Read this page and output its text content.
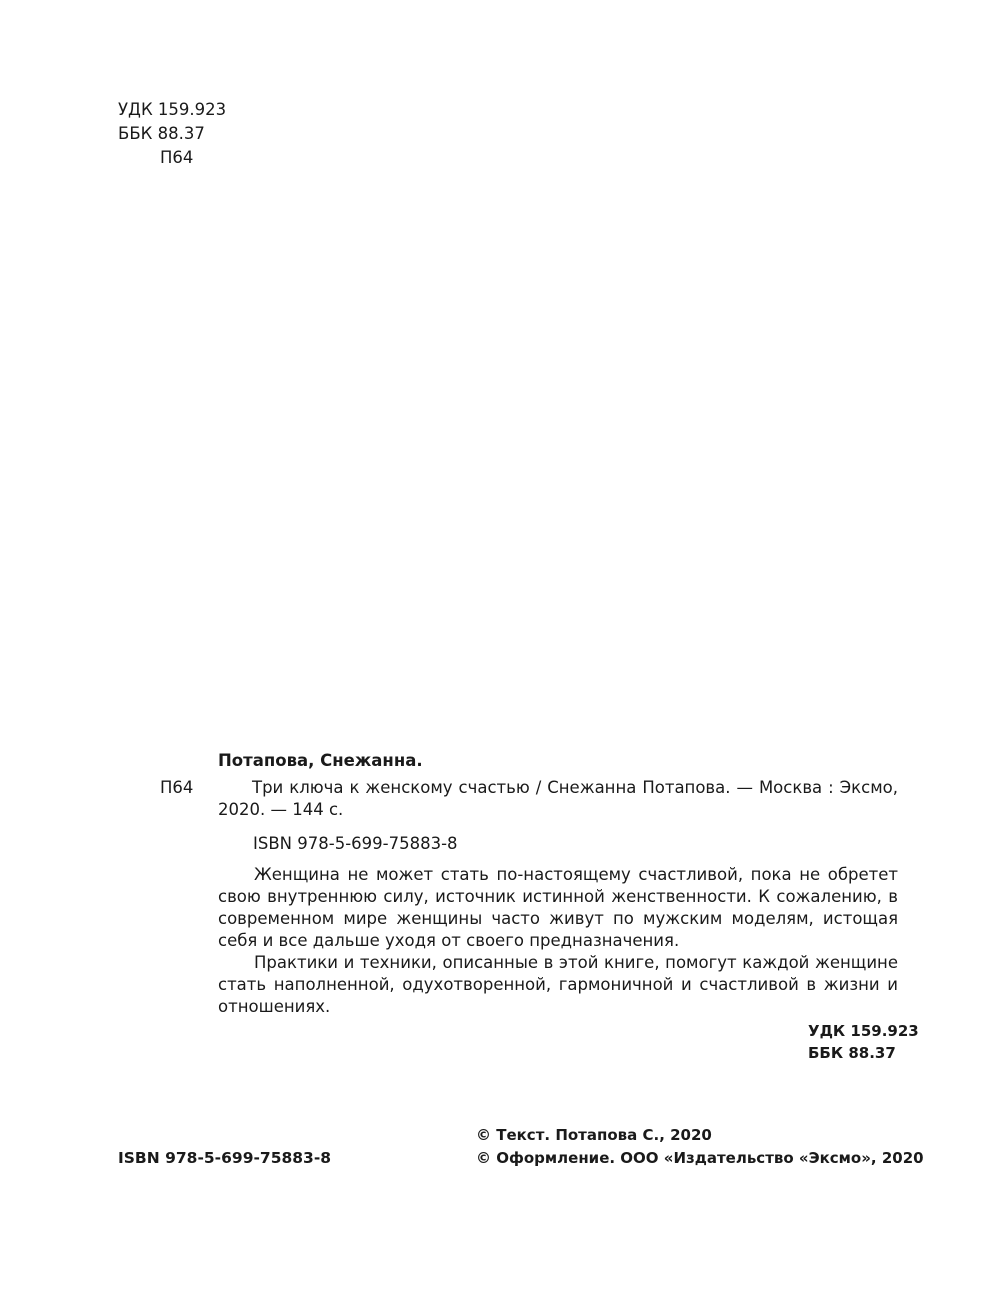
УДК 159.923
ББК 88.37
П64
Потапова, Снежанна.
П64	Три ключа к женскому счастью / Снежанна Потапова. — Москва : Эксмо, 2020. — 144 с.

ISBN 978-5-699-75883-8

Женщина не может стать по-настоящему счастливой, пока не обретет свою внутреннюю силу, источник истинной женственности. К сожалению, в современном мире женщины часто живут по мужским моделям, истощая себя и все дальше уходя от своего предназначения.

Практики и техники, описанные в этой книге, помогут каждой женщине стать наполненной, одухотворенной, гармоничной и счастливой в жизни и отношениях.

УДК 159.923
ББК 88.37
ISBN 978-5-699-75883-8
© Текст. Потапова С., 2020
© Оформление. ООО «Издательство «Эксмо», 2020
